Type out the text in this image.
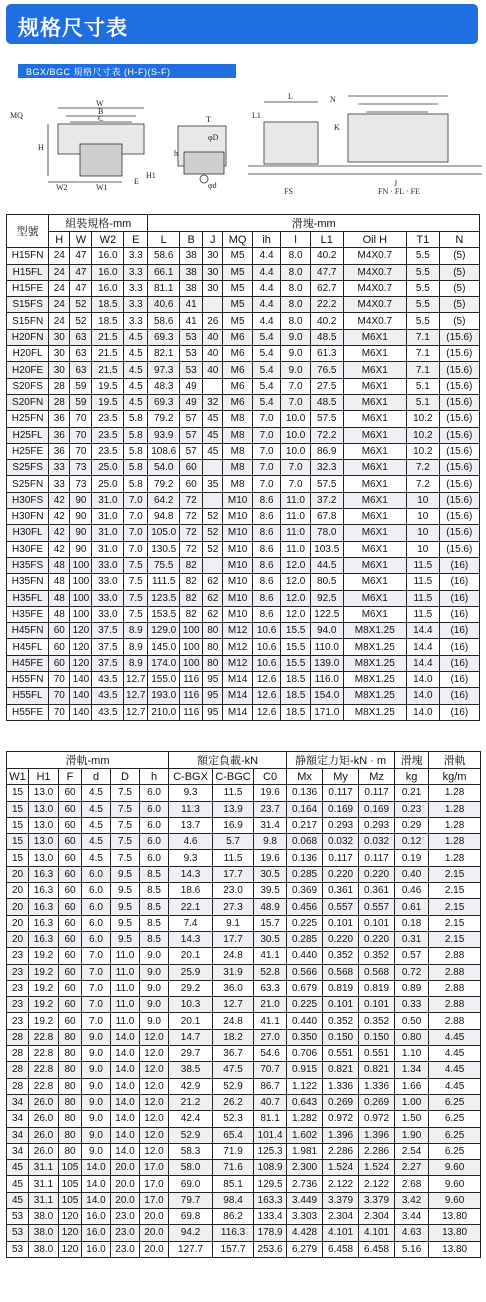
规格尺寸表
BGX/BGC 規格尺寸表 (H-F)(S-F)
W
B
C
MQ
H
H1
W2	W1
T
E
L1
φD
h
φd
L
J
FS	FN · FL · FE
N
K
型號	組裝規格-mm				滑塊-mm									
	H	W	W2	E	L	B	J	MQ	ih	l	L1	Oil H	T1	N
H15FN	24	47	16.0	3.3	58.6	38	30	M5	4.4	8.0	40.2	M4X0.7	5.5	(5)
H15FL	24	47	16.0	3.3	66.1	38	30	M5	4.4	8.0	47.7	M4X0.7	5.5	(5)
H15FE	24	47	16.0	3.3	81.1	38	30	M5	4.4	8.0	62.7	M4X0.7	5.5	(5)
S15FS	24	52	18.5	3.3	40.6	41		M5	4.4	8.0	22.2	M4X0.7	5.5	(5)
S15FN	24	52	18.5	3.3	58.6	41	26	M5	4.4	8.0	40.2	M4X0.7	5.5	(5)
H20FN	30	63	21.5	4.5	69.3	53	40	M6	5.4	9.0	48.5	M6X1	7.1	(15.6)
H20FL	30	63	21.5	4.5	82.1	53	40	M6	5.4	9.0	61.3	M6X1	7.1	(15.6)
H20FE	30	63	21.5	4.5	97.3	53	40	M6	5.4	9.0	76.5	M6X1	7.1	(15.6)
S20FS	28	59	19.5	4.5	48.3	49		M6	5.4	7.0	27.5	M6X1	5.1	(15.6)
S20FN	28	59	19.5	4.5	69.3	49	32	M6	5.4	7.0	48.5	M6X1	5.1	(15.6)
H25FN	36	70	23.5	5.8	79.2	57	45	M8	7.0	10.0	57.5	M6X1	10.2	(15.6)
H25FL	36	70	23.5	5.8	93.9	57	45	M8	7.0	10.0	72.2	M6X1	10.2	(15.6)
H25FE	36	70	23.5	5.8	108.6	57	45	M8	7.0	10.0	86.9	M6X1	10.2	(15.6)
S25FS	33	73	25.0	5.8	54.0	60		M8	7.0	7.0	32.3	M6X1	7.2	(15.6)
S25FN	33	73	25.0	5.8	79.2	60	35	M8	7.0	7.0	57.5	M6X1	7.2	(15.6)
H30FS	42	90	31.0	7.0	64.2	72		M10	8.6	11.0	37.2	M6X1	10	(15.6)
H30FN	42	90	31.0	7.0	94.8	72	52	M10	8.6	11.0	67.8	M6X1	10	(15.6)
H30FL	42	90	31.0	7.0	105.0	72	52	M10	8.6	11.0	78.0	M6X1	10	(15.6)
H30FE	42	90	31.0	7.0	130.5	72	52	M10	8.6	11.0	103.5	M6X1	10	(15.6)
H35FS	48	100	33.0	7.5	75.5	82		M10	8.6	12.0	44.5	M6X1	11.5	(16)
H35FN	48	100	33.0	7.5	111.5	82	62	M10	8.6	12.0	80.5	M6X1	11.5	(16)
H35FL	48	100	33.0	7.5	123.5	82	62	M10	8.6	12.0	92.5	M6X1	11.5	(16)
H35FE	48	100	33.0	7.5	153.5	82	62	M10	8.6	12.0	122.5	M6X1	11.5	(16)
H45FN	60	120	37.5	8.9	129.0	100	80	M12	10.6	15.5	94.0	M8X1.25	14.4	(16)
H45FL	60	120	37.5	8.9	145.0	100	80	M12	10.6	15.5	110.0	M8X1.25	14.4	(16)
H45FE	60	120	37.5	8.9	174.0	100	80	M12	10.6	15.5	139.0	M8X1.25	14.4	(16)
H55FN	70	140	43.5	12.7	155.0	116	95	M14	12.6	18.5	116.0	M8X1.25	14.0	(16)
H55FL	70	140	43.5	12.7	193.0	116	95	M14	12.6	18.5	154.0	M8X1.25	14.0	(16)
H55FE	70	140	43.5	12.7	210.0	116	95	M14	12.6	18.5	171.0	M8X1.25	14.0	(16)
滑軌-mm						額定負載-kN			静額定力矩-kN · m			滑塊	滑軌
W1	H1	F	d	D	h	C-BGX	C-BGC	C0	Mx	My	Mz	kg	kg/m
15	13.0	60	4.5	7.5	6.0	9.3	11.5	19.6	0.136	0.117	0.117	0.21	1.28
15	13.0	60	4.5	7.5	6.0	11.3	13.9	23.7	0.164	0.169	0.169	0.23	1.28
15	13.0	60	4.5	7.5	6.0	13.7	16.9	31.4	0.217	0.293	0.293	0.29	1.28
15	13.0	60	4.5	7.5	6.0	4.6	5.7	9.8	0.068	0.032	0.032	0.12	1.28
15	13.0	60	4.5	7.5	6.0	9.3	11.5	19.6	0.136	0.117	0.117	0.19	1.28
20	16.3	60	6.0	9.5	8.5	14.3	17.7	30.5	0.285	0.220	0.220	0.40	2.15
20	16.3	60	6.0	9.5	8.5	18.6	23.0	39.5	0.369	0.361	0.361	0.46	2.15
20	16.3	60	6.0	9.5	8.5	22.1	27.3	48.9	0.456	0.557	0.557	0.61	2.15
20	16.3	60	6.0	9.5	8.5	7.4	9.1	15.7	0.225	0.101	0.101	0.18	2.15
20	16.3	60	6.0	9.5	8.5	14.3	17.7	30.5	0.285	0.220	0.220	0.31	2.15
23	19.2	60	7.0	11.0	9.0	20.1	24.8	41.1	0.440	0.352	0.352	0.57	2.88
23	19.2	60	7.0	11.0	9.0	25.9	31.9	52.8	0.566	0.568	0.568	0.72	2.88
23	19.2	60	7.0	11.0	9.0	29.2	36.0	63.3	0.679	0.819	0.819	0.89	2.88
23	19.2	60	7.0	11.0	9.0	10.3	12.7	21.0	0.225	0.101	0.101	0.33	2.88
23	19.2	60	7.0	11.0	9.0	20.1	24.8	41.1	0.440	0.352	0.352	0.50	2.88
28	22.8	80	9.0	14.0	12.0	14.7	18.2	27.0	0.350	0.150	0.150	0.80	4.45
28	22.8	80	9.0	14.0	12.0	29.7	36.7	54.6	0.706	0.551	0.551	1.10	4.45
28	22.8	80	9.0	14.0	12.0	38.5	47.5	70.7	0.915	0.821	0.821	1.34	4.45
28	22.8	80	9.0	14.0	12.0	42.9	52.9	86.7	1.122	1.336	1.336	1.66	4.45
34	26.0	80	9.0	14.0	12.0	21.2	26.2	40.7	0.643	0.269	0.269	1.00	6.25
34	26.0	80	9.0	14.0	12.0	42.4	52.3	81.1	1.282	0.972	0.972	1.50	6.25
34	26.0	80	9.0	14.0	12.0	52.9	65.4	101.4	1.602	1.396	1.396	1.90	6.25
34	26.0	80	9.0	14.0	12.0	58.3	71.9	125.3	1.981	2.286	2.286	2.54	6.25
45	31.1	105	14.0	20.0	17.0	58.0	71.6	108.9	2.300	1.524	1.524	2.27	9.60
45	31.1	105	14.0	20.0	17.0	69.0	85.1	129.5	2.736	2.122	2.122	2.68	9.60
45	31.1	105	14.0	20.0	17.0	79.7	98.4	163.3	3.449	3.379	3.379	3.42	9.60
53	38.0	120	16.0	23.0	20.0	69.8	86.2	133.4	3.303	2.304	2.304	3.44	13.80
53	38.0	120	16.0	23.0	20.0	94.2	116.3	178.9	4.428	4.101	4.101	4.63	13.80
53	38.0	120	16.0	23.0	20.0	127.7	157.7	253.6	6.279	6.458	6.458	5.16	13.80
